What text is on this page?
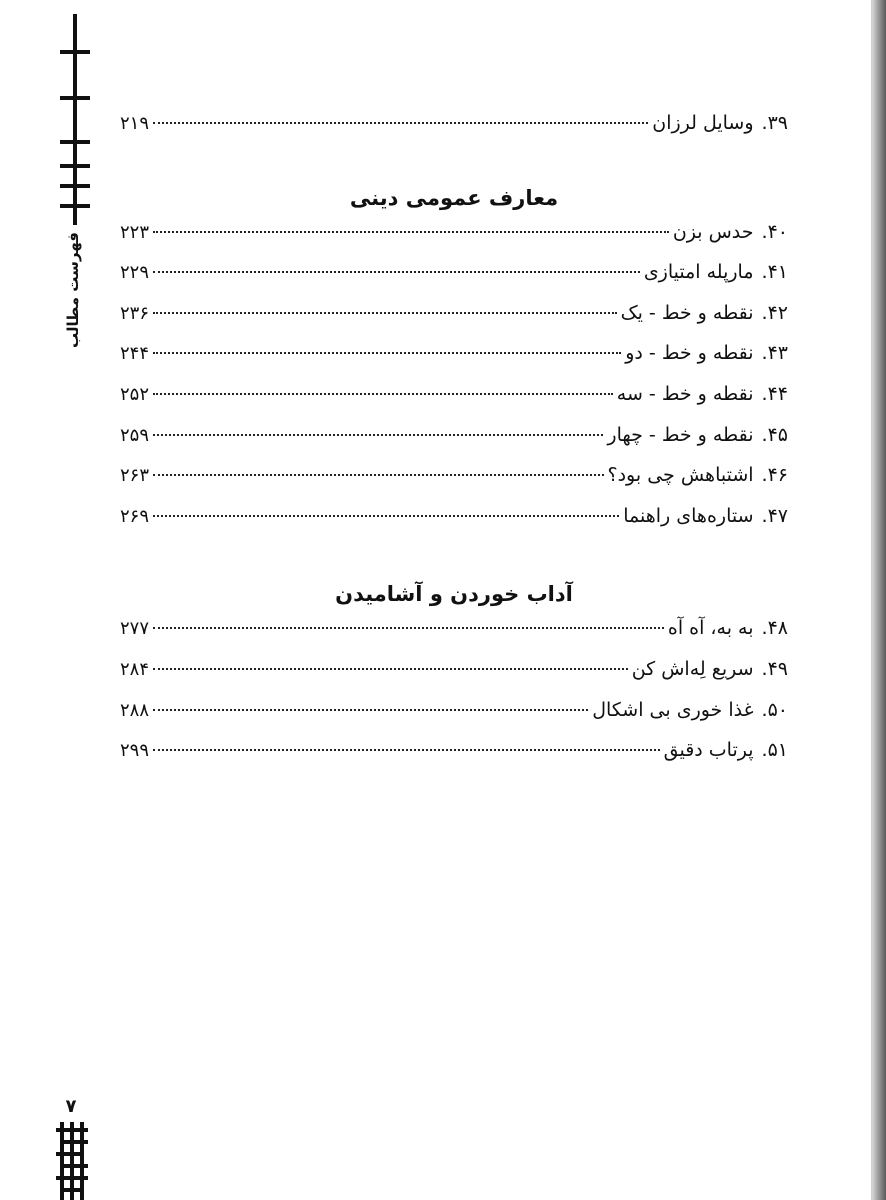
فهرست مطالب
۷
۳۹.
وسایل لرزان
۲۱۹
معارف عمومی دینی
۴۰.
حدس بزن
۲۲۳
۴۱.
مارپله امتیازی
۲۲۹
۴۲.
نقطه و خط - یک
۲۳۶
۴۳.
نقطه و خط - دو
۲۴۴
۴۴.
نقطه و خط - سه
۲۵۲
۴۵.
نقطه و خط - چهار
۲۵۹
۴۶.
اشتباهش چی بود؟
۲۶۳
۴۷.
ستاره‌های راهنما
۲۶۹
آداب خوردن و آشامیدن
۴۸.
به به، آه آه
۲۷۷
۴۹.
سریع لِه‌اش کن
۲۸۴
۵۰.
غذا خوری بی اشکال
۲۸۸
۵۱.
پرتاب دقیق
۲۹۹
